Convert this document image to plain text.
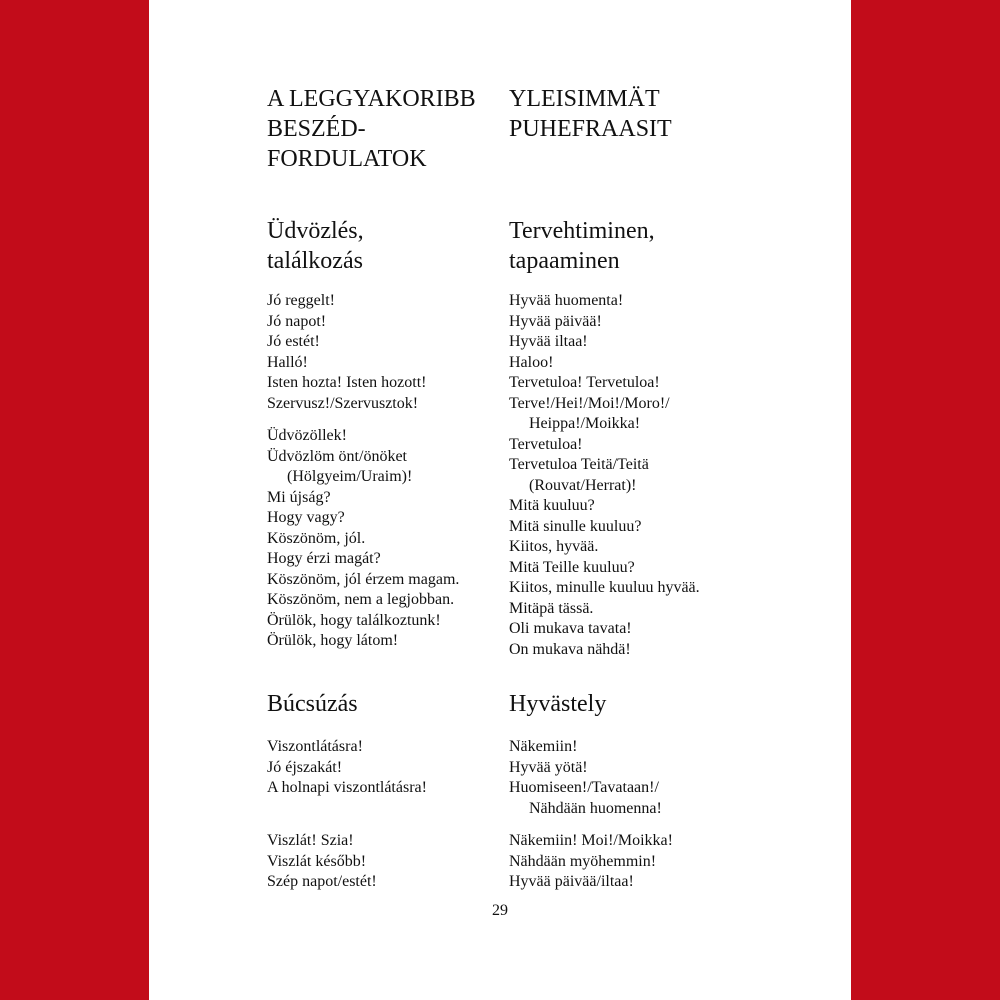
A LEGGYAKORIBB
BESZÉD-
FORDULATOK
Üdvözlés,
találkozás
Jó reggelt!
Jó napot!
Jó estét!
Halló!
Isten hozta! Isten hozott!
Szervusz!/Szervusztok!
Üdvözöllek!
Üdvözlöm önt/önöket
(Hölgyeim/Uraim)!
Mi újság?
Hogy vagy?
Köszönöm, jól.
Hogy érzi magát?
Köszönöm, jól érzem magam.
Köszönöm, nem a legjobban.
Örülök, hogy találkoztunk!
Örülök, hogy látom!
Búcsúzás
Viszontlátásra!
Jó éjszakát!
A holnapi viszontlátásra!
Viszlát! Szia!
Viszlát később!
Szép napot/estét!
YLEISIMMÄT
PUHEFRAASIT
Tervehtiminen,
tapaaminen
Hyvää huomenta!
Hyvää päivää!
Hyvää iltaa!
Haloo!
Tervetuloa! Tervetuloa!
Terve!/Hei!/Moi!/Moro!/
Heippa!/Moikka!
Tervetuloa!
Tervetuloa Teitä/Teitä
(Rouvat/Herrat)!
Mitä kuuluu?
Mitä sinulle kuuluu?
Kiitos, hyvää.
Mitä Teille kuuluu?
Kiitos, minulle kuuluu hyvää.
Mitäpä tässä.
Oli mukava tavata!
On mukava nähdä!
Hyvästely
Näkemiin!
Hyvää yötä!
Huomiseen!/Tavataan!/
Nähdään huomenna!
Näkemiin! Moi!/Moikka!
Nähdään myöhemmin!
Hyvää päivää/iltaa!
29
